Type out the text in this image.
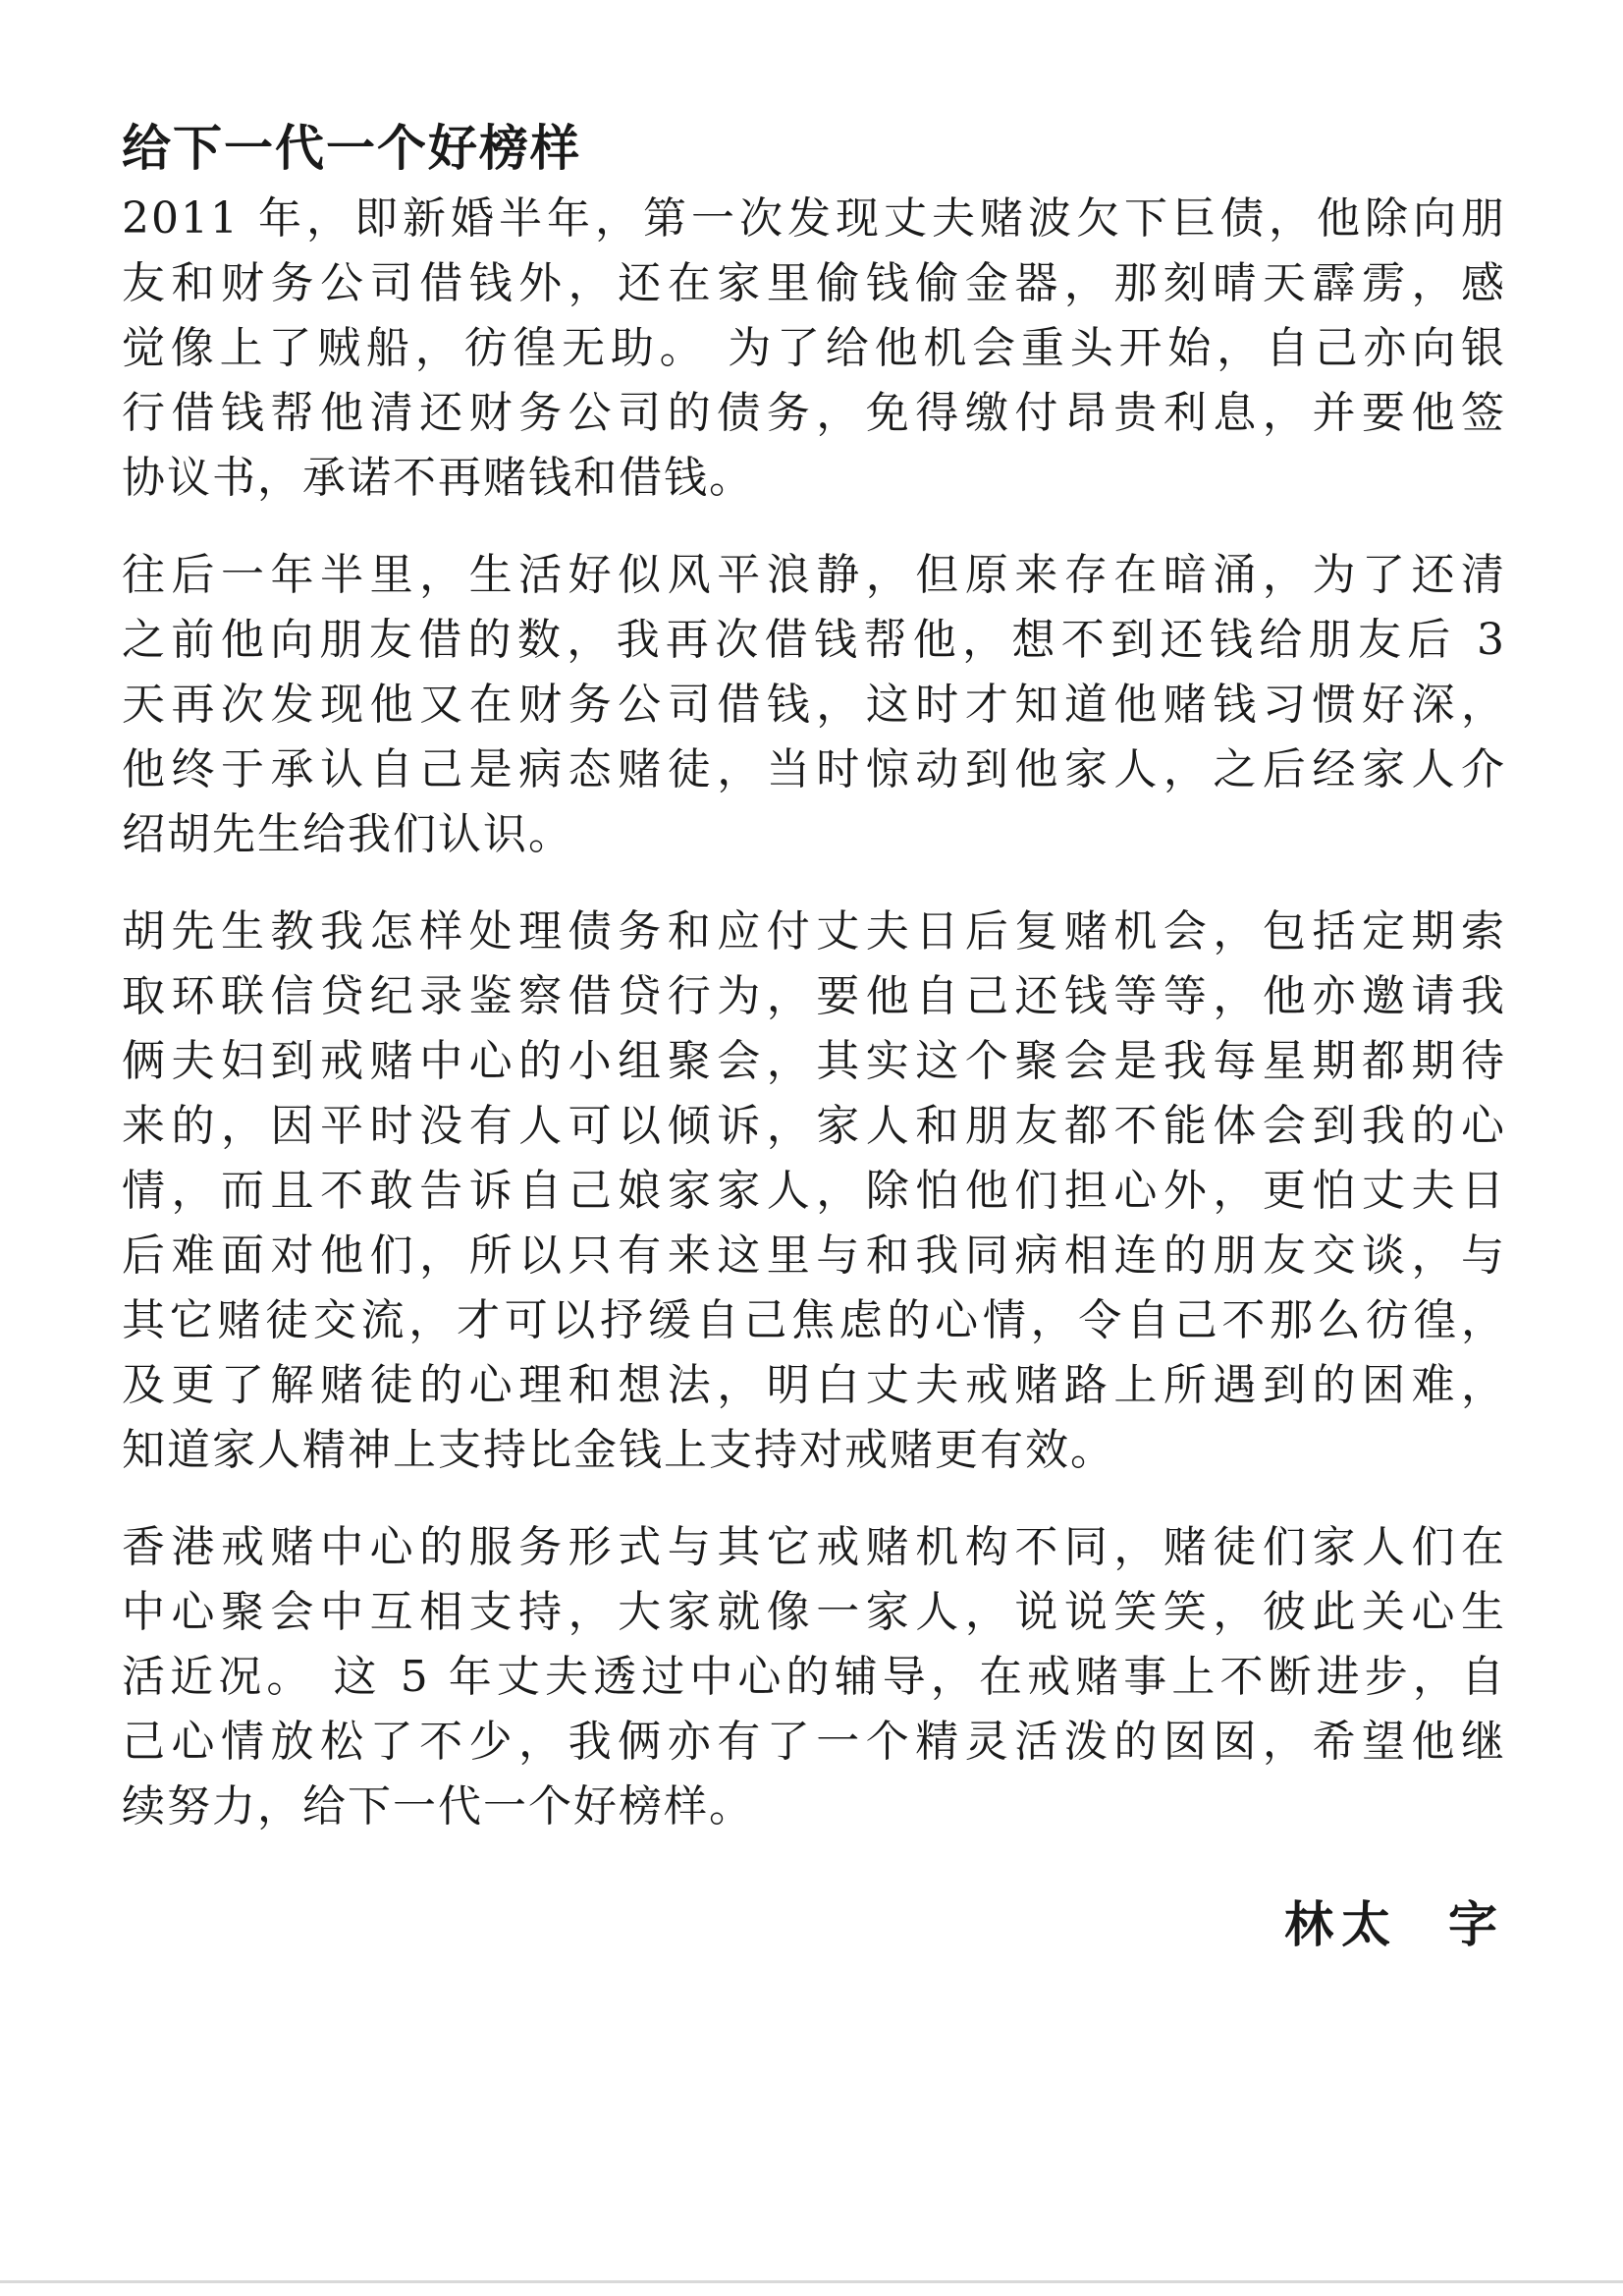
给下一代一个好榜样

2011 年，即新婚半年，第一次发现丈夫赌波欠下巨债，他除向朋
友和财务公司借钱外，还在家里偷钱偷金器，那刻晴天霹雳，感
觉像上了贼船，彷徨无助。 为了给他机会重头开始，自己亦向银
行借钱帮他清还财务公司的债务，免得缴付昂贵利息，并要他签
协议书，承诺不再赌钱和借钱。

往后一年半里，生活好似风平浪静，但原来存在暗涌，为了还清
之前他向朋友借的数，我再次借钱帮他，想不到还钱给朋友后 3
天再次发现他又在财务公司借钱，这时才知道他赌钱习惯好深，
他终于承认自己是病态赌徒，当时惊动到他家人，之后经家人介
绍胡先生给我们认识。

胡先生教我怎样处理债务和应付丈夫日后复赌机会，包括定期索
取环联信贷纪录鉴察借贷行为，要他自己还钱等等，他亦邀请我
俩夫妇到戒赌中心的小组聚会，其实这个聚会是我每星期都期待
来的，因平时没有人可以倾诉，家人和朋友都不能体会到我的心
情，而且不敢告诉自己娘家家人，除怕他们担心外，更怕丈夫日
后难面对他们，所以只有来这里与和我同病相连的朋友交谈，与
其它赌徒交流，才可以抒缓自己焦虑的心情，令自己不那么彷徨，
及更了解赌徒的心理和想法，明白丈夫戒赌路上所遇到的困难，
知道家人精神上支持比金钱上支持对戒赌更有效。

香港戒赌中心的服务形式与其它戒赌机构不同，赌徒们家人们在
中心聚会中互相支持，大家就像一家人，说说笑笑，彼此关心生
活近况。 这 5 年丈夫透过中心的辅导，在戒赌事上不断进步，自
己心情放松了不少，我俩亦有了一个精灵活泼的囡囡，希望他继
续努力，给下一代一个好榜样。

林太  字
